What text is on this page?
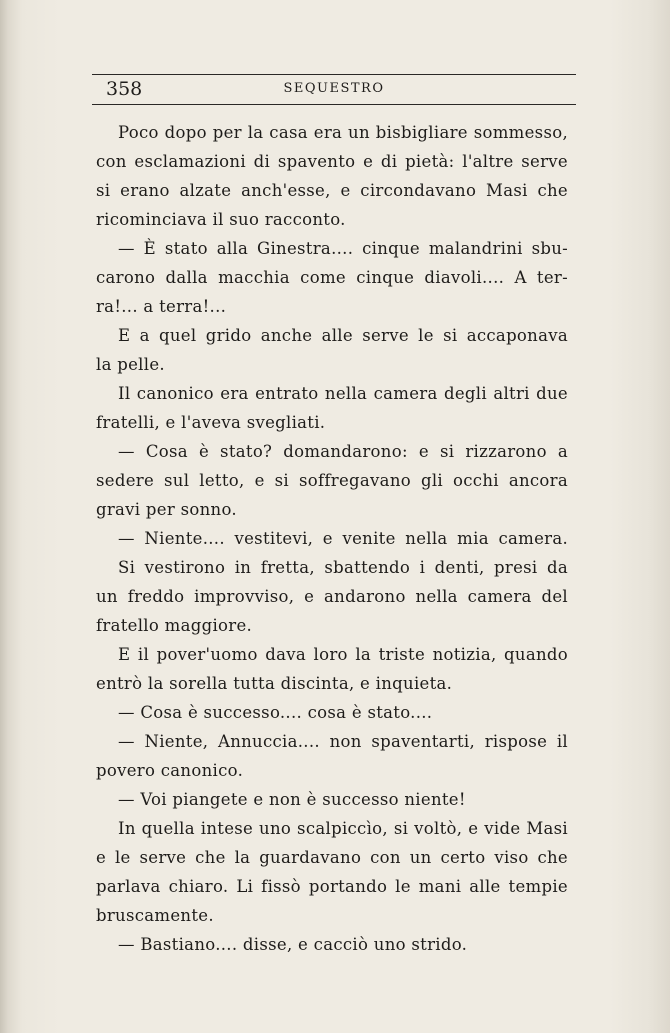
358	SEQUESTRO
Poco dopo per la casa era un bisbigliare sommesso,
con esclamazioni di spavento e di pietà: l'altre serve
si erano alzate anch'esse, e circondavano Masi che
ricominciava il suo racconto.
— È stato alla Ginestra.... cinque malandrini sbu-
carono dalla macchia come cinque diavoli.... A ter-
ra!... a terra!...
E a quel grido anche alle serve le si accaponava
la pelle.
Il canonico era entrato nella camera degli altri due
fratelli, e l'aveva svegliati.
— Cosa è stato? domandarono: e si rizzarono a
sedere sul letto, e si soffregavano gli occhi ancora
gravi per sonno.
— Niente.... vestitevi, e venite nella mia camera.
Si vestirono in fretta, sbattendo i denti, presi da
un freddo improvviso, e andarono nella camera del
fratello maggiore.
E il pover'uomo dava loro la triste notizia, quando
entrò la sorella tutta discinta, e inquieta.
— Cosa è successo.... cosa è stato....
— Niente, Annuccia.... non spaventarti, rispose il
povero canonico.
— Voi piangete e non è successo niente!
In quella intese uno scalpiccìo, si voltò, e vide Masi
e le serve che la guardavano con un certo viso che
parlava chiaro. Li fissò portando le mani alle tempie
bruscamente.
— Bastiano.... disse, e cacciò uno strido.
